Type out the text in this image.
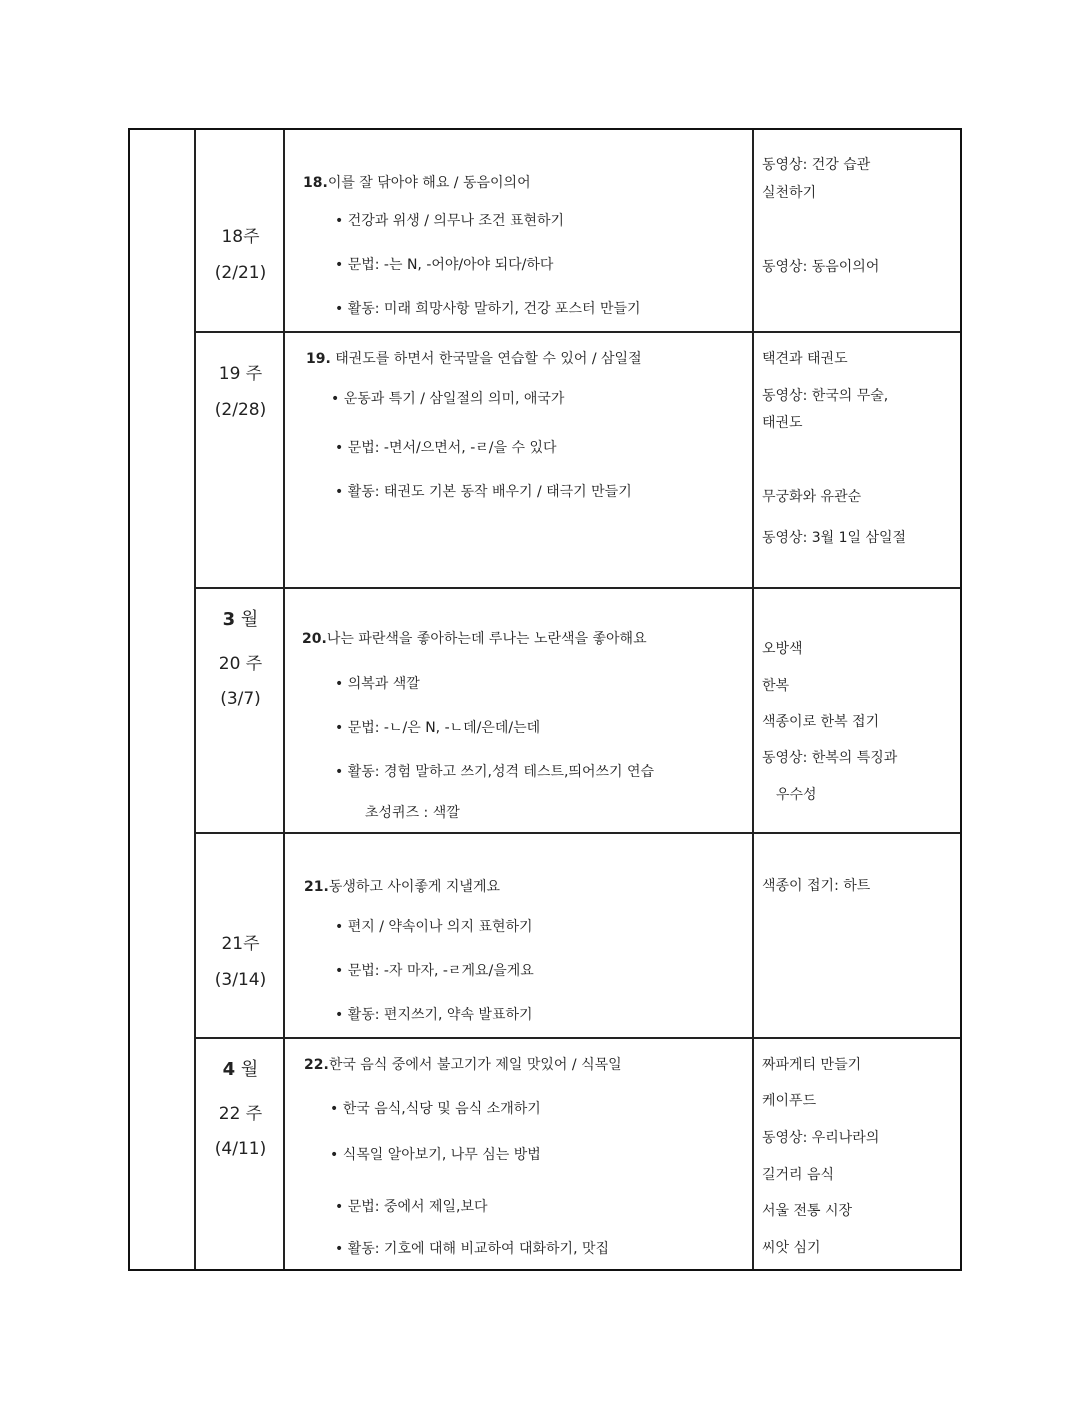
18주
(2/21)
18.이를 잘 닦아야 해요 / 동음이의어
• 건강과 위생 / 의무나 조건 표현하기
• 문법: -는 N, -어야/아야 되다/하다
• 활동: 미래 희망사항 말하기, 건강 포스터 만들기
동영상: 건강 습관
실천하기
동영상: 동음이의어
19 주
(2/28)
19. 태권도를 하면서 한국말을 연습할 수 있어 / 삼일절
• 운동과 특기 / 삼일절의 의미, 애국가
• 문법: -면서/으면서, -ㄹ/을 수 있다
• 활동: 태권도 기본 동작 배우기 / 태극기 만들기
택견과 태권도
동영상: 한국의 무술,
태권도
무궁화와 유관순
동영상: 3월 1일 삼일절
3 월
20 주
(3/7)
20.나는 파란색을 좋아하는데 루나는 노란색을 좋아해요
• 의복과 색깔
• 문법: -ㄴ/은 N, -ㄴ데/은데/는데
• 활동: 경험 말하고 쓰기,성격 테스트,띄어쓰기 연습
초성퀴즈 : 색깔
오방색
한복
색종이로 한복 접기
동영상: 한복의 특징과
우수성
21주
(3/14)
21.동생하고 사이좋게 지낼게요
• 편지 / 약속이나 의지 표현하기
• 문법: -자 마자, -ㄹ게요/을게요
• 활동: 편지쓰기, 약속 발표하기
색종이 접기: 하트
4 월
22 주
(4/11)
22.한국 음식 중에서 불고기가 제일 맛있어 / 식목일
• 한국 음식,식당 및 음식 소개하기
• 식목일 알아보기, 나무 심는 방법
• 문법: 중에서 제일,보다
• 활동: 기호에 대해 비교하여 대화하기, 맛집
짜파게티 만들기
케이푸드
동영상: 우리나라의
길거리 음식
서울 전통 시장
씨앗 심기
